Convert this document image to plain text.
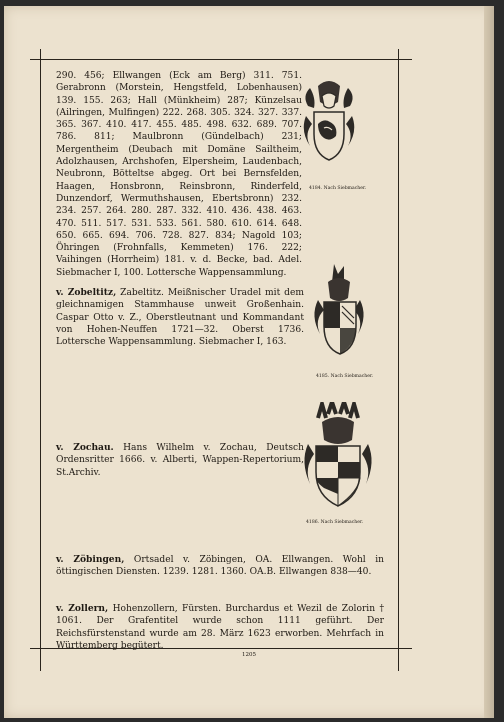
290. 456; Ellwangen (Eck am Berg) 311. 751. Gerabronn (Morstein, Hengstfeld, Lobenhausen) 139. 155. 263; Hall (Münkheim) 287; Künzelsau (Ailringen, Mulfingen) 222. 268. 305. 324. 327. 337. 365. 367. 410. 417. 455. 485. 498. 632. 689. 707. 786. 811; Maulbronn (Gündelbach) 231; Mergentheim (Deubach mit Domäne Sailtheim, Adolzhausen, Archshofen, Elpersheim, Laudenbach, Neubronn, Bötteltse abgeg. Ort bei Bernsfelden, Haagen, Honsbronn, Reinsbronn, Rinderfeld, Dunzendorf, Wermuthshausen, Ebertsbronn) 232. 234. 257. 264. 280. 287. 332. 410. 436. 438. 463. 470. 511. 517. 531. 533. 561. 580. 610. 614. 648. 650. 665. 694. 706. 728. 827. 834; Nagold 103; Öhringen (Frohnfalls, Kemmeten) 176. 222; Vaihingen (Horrheim) 181. v. d. Becke, bad. Adel. Siebmacher I, 100. Lottersche Wappensammlung.
4184. Nach Siebmacher.
v. Zobeltitz, Zabeltitz. Meißnischer Uradel mit dem gleichnamigen Stammhause unweit Großenhain. Caspar Otto v. Z., Oberstleutnant und Kommandant von Hohen-Neuffen 1721—32. Oberst 1736. Lottersche Wappensammlung. Siebmacher I, 163.
4185. Nach Siebmacher.
v. Zochau. Hans Wilhelm v. Zochau, Deutsch Ordensritter 1666. v. Alberti, Wappen-Repertorium, St.Archiv.
4186. Nach Siebmacher.
v. Zöbingen, Ortsadel v. Zöbingen, OA. Ellwangen. Wohl in öttingischen Diensten. 1239. 1281. 1360. OA.B. Ellwangen 838—40.
v. Zollern, Hohenzollern, Fürsten. Burchardus et Wezil de Zolorin † 1061. Der Grafentitel wurde schon 1111 geführt. Der Reichsfürstenstand wurde am 28. März 1623 erworben. Mehrfach in Württemberg begütert.
1205
